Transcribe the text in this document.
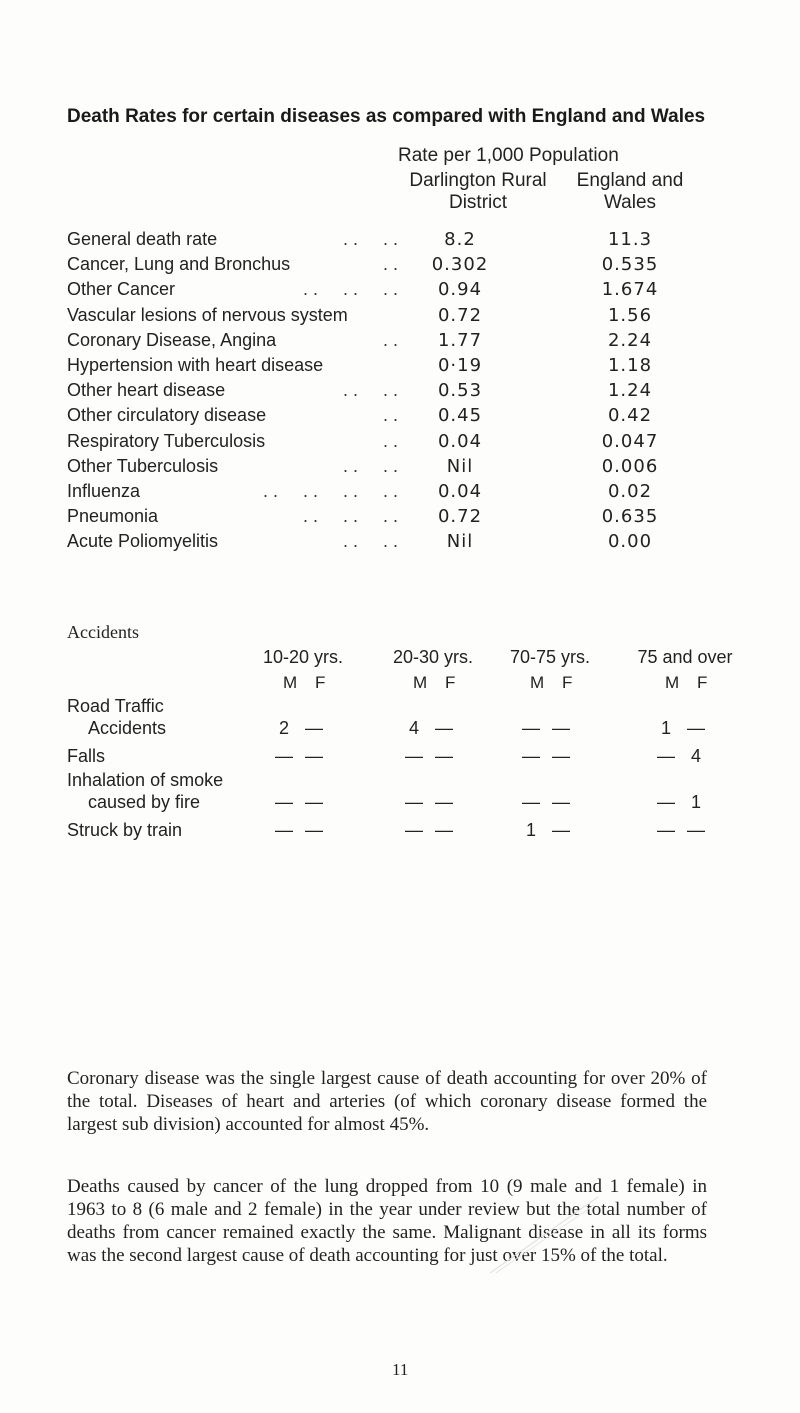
Death Rates for certain diseases as compared with England and Wales
Rate per 1,000 Population
Darlington Rural
District
England and
Wales
General death rate	. .     . .	8.2	11.3
Cancer, Lung and Bronchus	. .	0.302	0.535
Other Cancer	. .     . .     . .	0.94	1.674
Vascular lesions of nervous system	0.72	1.56
Coronary Disease, Angina	. .	1.77	2.24
Hypertension with heart disease	0·19	1.18
Other heart disease	. .     . .	0.53	1.24
Other circulatory disease	. .	0.45	0.42
Respiratory Tuberculosis	. .	0.04	0.047
Other Tuberculosis	. .     . .	Nil	0.006
Influenza	. .     . .     . .     . .	0.04	0.02
Pneumonia	. .     . .     . .	0.72	0.635
Acute Poliomyelitis	. .     . .	Nil	0.00
Accidents
10-20 yrs.
M F
20-30 yrs.
M F
70-75 yrs.
M F
75 and over
M F
Road Traffic
Accidents	2 —	4 —	— —	1 —
Falls	— —	— —	— —	— 4
Inhalation of smoke
caused by fire	— —	— —	— —	— 1
Struck by train	— —	— —	1 —	— —
Coronary disease was the single largest cause of death accounting for over 20% of the total. Diseases of heart and arteries (of which coronary disease formed the largest sub division) accounted for almost 45%.
Deaths caused by cancer of the lung dropped from 10 (9 male and 1 female) in 1963 to 8 (6 male and 2 female) in the year under review but the total number of deaths from cancer remained exactly the same. Malignant disease in all its forms was the second largest cause of death accounting for just over 15% of the total.
11
